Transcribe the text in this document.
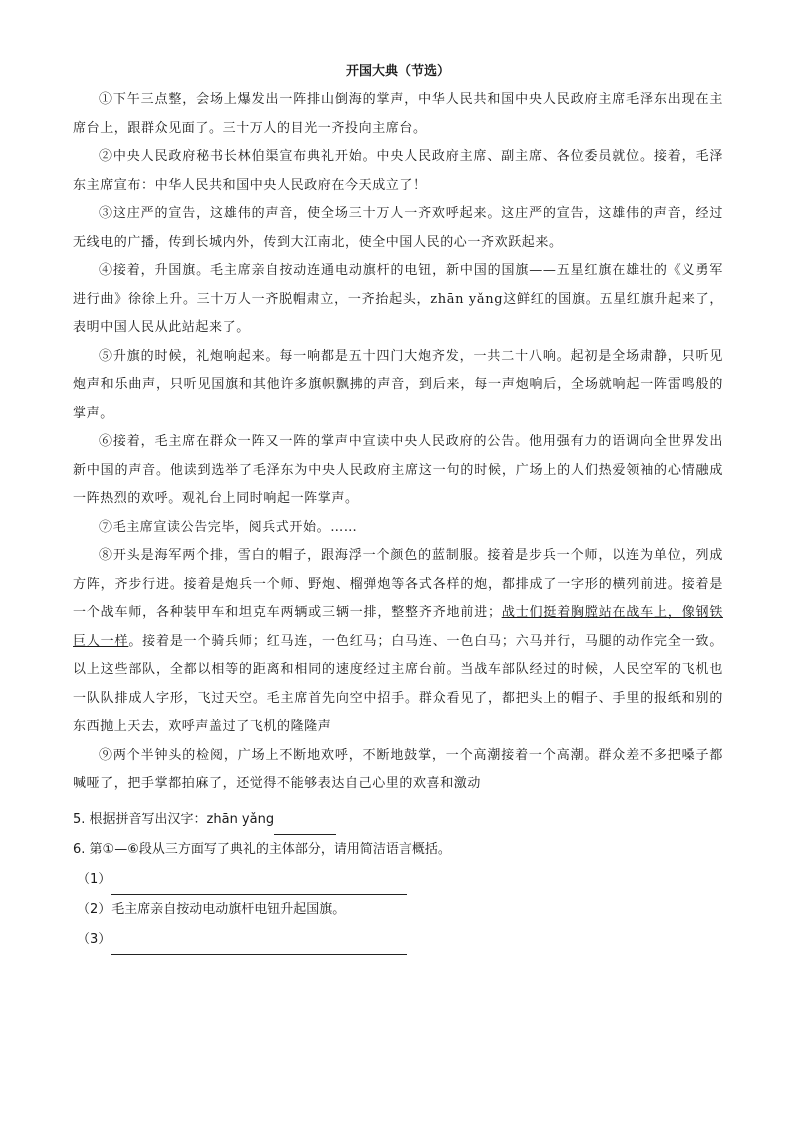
开国大典（节选）

①下午三点整，会场上爆发出一阵排山倒海的掌声，中华人民共和国中央人民政府主席毛泽东出现在主席台上，跟群众见面了。三十万人的目光一齐投向主席台。

②中央人民政府秘书长林伯渠宣布典礼开始。中央人民政府主席、副主席、各位委员就位。接着，毛泽东主席宣布：中华人民共和国中央人民政府在今天成立了！

③这庄严的宣告，这雄伟的声音，使全场三十万人一齐欢呼起来。这庄严的宣告，这雄伟的声音，经过无线电的广播，传到长城内外，传到大江南北，使全中国人民的心一齐欢跃起来。

④接着，升国旗。毛主席亲自按动连通电动旗杆的电钮，新中国的国旗——五星红旗在雄壮的《义勇军进行曲》徐徐上升。三十万人一齐脱帽肃立，一齐抬起头，zhān yǎng这鲜红的国旗。五星红旗升起来了，表明中国人民从此站起来了。

⑤升旗的时候，礼炮响起来。每一响都是五十四门大炮齐发，一共二十八响。起初是全场肃静，只听见炮声和乐曲声，只听见国旗和其他许多旗帜飘拂的声音，到后来，每一声炮响后，全场就响起一阵雷鸣般的掌声。

⑥接着，毛主席在群众一阵又一阵的掌声中宣读中央人民政府的公告。他用强有力的语调向全世界发出新中国的声音。他读到选举了毛泽东为中央人民政府主席这一句的时候，广场上的人们热爱领袖的心情融成一阵热烈的欢呼。观礼台上同时响起一阵掌声。

⑦毛主席宣读公告完毕，阅兵式开始。……

⑧开头是海军两个排，雪白的帽子，跟海浮一个颜色的蓝制服。接着是步兵一个师，以连为单位，列成方阵，齐步行进。接着是炮兵一个师、野炮、榴弹炮等各式各样的炮，都排成了一字形的横列前进。接着是一个战车师，各种装甲车和坦克车两辆或三辆一排，整整齐齐地前进；战士们挺着胸膛站在战车上，像钢铁巨人一样。接着是一个骑兵师；红马连，一色红马；白马连、一色白马；六马并行，马腿的动作完全一致。以上这些部队，全都以相等的距离和相同的速度经过主席台前。当战车部队经过的时候，人民空军的飞机也一队队排成人字形，飞过天空。毛主席首先向空中招手。群众看见了，都把头上的帽子、手里的报纸和别的东西抛上天去，欢呼声盖过了飞机的隆隆声

⑨两个半钟头的检阅，广场上不断地欢呼，不断地鼓掌，一个高潮接着一个高潮。群众差不多把嗓子都喊哑了，把手掌都拍麻了，还觉得不能够表达自己心里的欢喜和激动

5. 根据拼音写出汉字：zhān yǎng

6. 第①—⑥段从三方面写了典礼的主体部分，请用简洁语言概括。

（1）

（2）毛主席亲自按动电动旗杆电钮升起国旗。

（3）
